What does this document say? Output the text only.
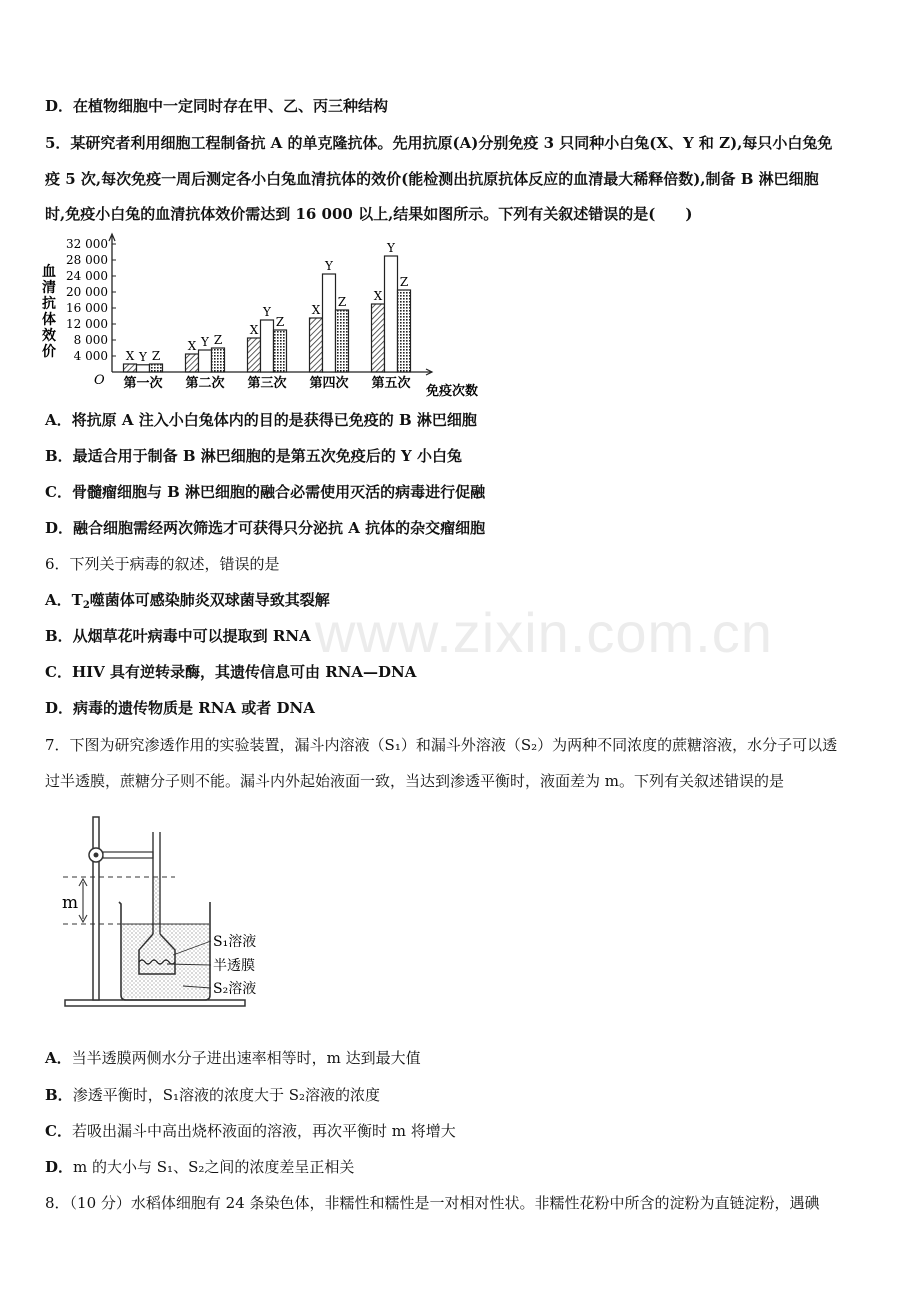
www.zixin.com.cn
D．在植物细胞中一定同时存在甲、乙、丙三种结构
5．某研究者利用细胞工程制备抗 A 的单克隆抗体。先用抗原(A)分别免疫 3 只同种小白兔(X、Y 和 Z),每只小白兔免
疫 5 次,每次免疫一周后测定各小白兔血清抗体的效价(能检测出抗原抗体反应的血清最大稀释倍数),制备 B 淋巴细胞
时,免疫小白兔的血清抗体效价需达到 16 000 以上,结果如图所示。下列有关叙述错误的是(　　)
4 000
8 000
12 000
16 000
20 000
24 000
28 000
32 000
O
血
清
抗
体
效
价	X Y Z
第一次
X Y Z
第二次
X
Y
Z
第三次
X
Y
Z
第四次
X
Y
Z
第五次
免疫次数
A．将抗原 A 注入小白兔体内的目的是获得已免疫的 B 淋巴细胞
B．最适合用于制备 B 淋巴细胞的是第五次免疫后的 Y 小白兔
C．骨髓瘤细胞与 B 淋巴细胞的融合必需使用灭活的病毒进行促融
D．融合细胞需经两次筛选才可获得只分泌抗 A 抗体的杂交瘤细胞
6．下列关于病毒的叙述，错误的是
A．$T_2$噬菌体可感染肺炎双球菌导致其裂解
B．从烟草花叶病毒中可以提取到 RNA
C．HIV 具有逆转录酶，其遗传信息可由 RNA—DNA
D．病毒的遗传物质是 RNA 或者 DNA
7．下图为研究渗透作用的实验装置，漏斗内溶液（S₁）和漏斗外溶液（S₂）为两种不同浓度的蔗糖溶液，水分子可以透
过半透膜，蔗糖分子则不能。漏斗内外起始液面一致，当达到渗透平衡时，液面差为 m。下列有关叙述错误的是
m
S₁溶液
半透膜
S₂溶液
A．当半透膜两侧水分子进出速率相等时，m 达到最大值
B．渗透平衡时，S₁溶液的浓度大于 S₂溶液的浓度
C．若吸出漏斗中高出烧杯液面的溶液，再次平衡时 m 将增大
D．m 的大小与 S₁、S₂之间的浓度差呈正相关
8．（10 分）水稻体细胞有 24 条染色体，非糯性和糯性是一对相对性状。非糯性花粉中所含的淀粉为直链淀粉，遇碘
